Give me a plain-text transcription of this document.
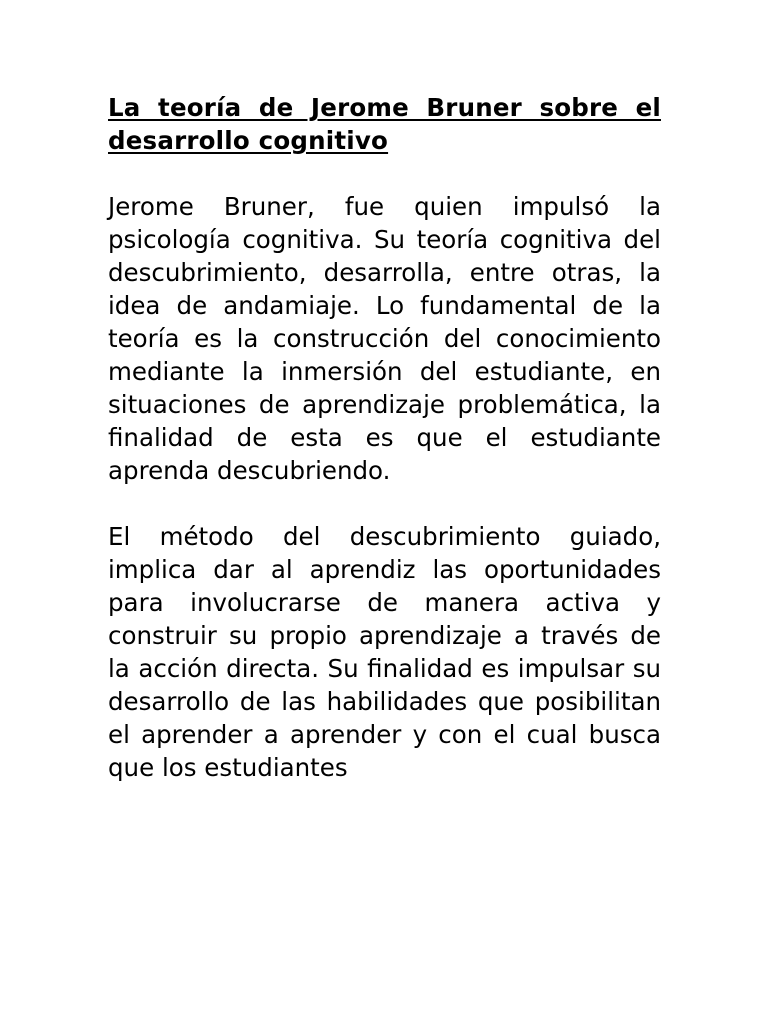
La teoría de Jerome Bruner sobre el desarrollo cognitivo

Jerome Bruner, fue quien impulsó la psicología cognitiva. Su teoría cognitiva del descubrimiento, desarrolla, entre otras, la idea de andamiaje. Lo fundamental de la teoría es la construcción del conocimiento mediante la inmersión del estudiante, en situaciones de aprendizaje problemática, la finalidad de esta es que el estudiante aprenda descubriendo.

El método del descubrimiento guiado, implica dar al aprendiz las oportunidades para involucrarse de manera activa y construir su propio aprendizaje a través de la acción directa. Su finalidad es impulsar su desarrollo de las habilidades que posibilitan el aprender a aprender y con el cual busca que los estudiantes
